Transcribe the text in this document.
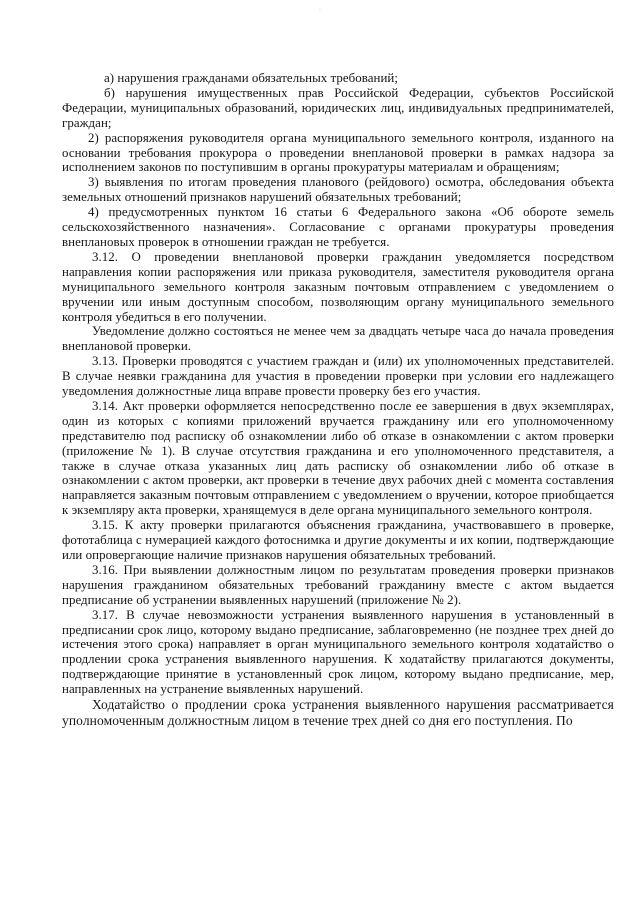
·

а) нарушения гражданами обязательных требований;

б) нарушения имущественных прав Российской Федерации, субъектов Российской Федерации, муниципальных образований, юридических лиц, индивидуальных предпринимателей, граждан;

2) распоряжения руководителя органа муниципального земельного контроля, изданного на основании требования прокурора о проведении внеплановой проверки в рамках надзора за исполнением законов по поступившим в органы прокуратуры материалам и обращениям;

3) выявления по итогам проведения планового (рейдового) осмотра, обследования объекта земельных отношений признаков нарушений обязательных требований;

4) предусмотренных пунктом 16 статьи 6 Федерального закона «Об обороте земель сельскохозяйственного назначения». Согласование с органами прокуратуры проведения внеплановых проверок в отношении граждан не требуется.

3.12. О проведении внеплановой проверки гражданин уведомляется посредством направления копии распоряжения или приказа руководителя, заместителя руководителя органа муниципального земельного контроля заказным почтовым отправлением с уведомлением о вручении или иным доступным способом, позволяющим органу муниципального земельного контроля убедиться в его получении.

Уведомление должно состояться не менее чем за двадцать четыре часа до начала проведения внеплановой проверки.

3.13. Проверки проводятся с участием граждан и (или) их уполномоченных представителей. В случае неявки гражданина для участия в проведении проверки при условии его надлежащего уведомления должностные лица вправе провести проверку без его участия.

3.14. Акт проверки оформляется непосредственно после ее завершения в двух экземплярах, один из которых с копиями приложений вручается гражданину или его уполномоченному представителю под расписку об ознакомлении либо об отказе в ознакомлении с актом проверки (приложение № 1). В случае отсутствия гражданина и его уполномоченного представителя, а также в случае отказа указанных лиц дать расписку об ознакомлении либо об отказе в ознакомлении с актом проверки, акт проверки в течение двух рабочих дней с момента составления направляется заказным почтовым отправлением с уведомлением о вручении, которое приобщается к экземпляру акта проверки, хранящемуся в деле органа муниципального земельного контроля.

3.15. К акту проверки прилагаются объяснения гражданина, участвовавшего в проверке, фототаблица с нумерацией каждого фотоснимка и другие документы и их копии, подтверждающие или опровергающие наличие признаков нарушения обязательных требований.

3.16. При выявлении должностным лицом по результатам проведения проверки признаков нарушения гражданином обязательных требований гражданину вместе с актом выдается предписание об устранении выявленных нарушений (приложение № 2).

3.17. В случае невозможности устранения выявленного нарушения в установленный в предписании срок лицо, которому выдано предписание, заблаговременно (не позднее трех дней до истечения этого срока) направляет в орган муниципального земельного контроля ходатайство о продлении срока устранения выявленного нарушения. К ходатайству прилагаются документы, подтверждающие принятие в установленный срок лицом, которому выдано предписание, мер, направленных на устранение выявленных нарушений.

Ходатайство о продлении срока устранения выявленного нарушения рассматривается уполномоченным должностным лицом в течение трех дней со дня его поступления. По
